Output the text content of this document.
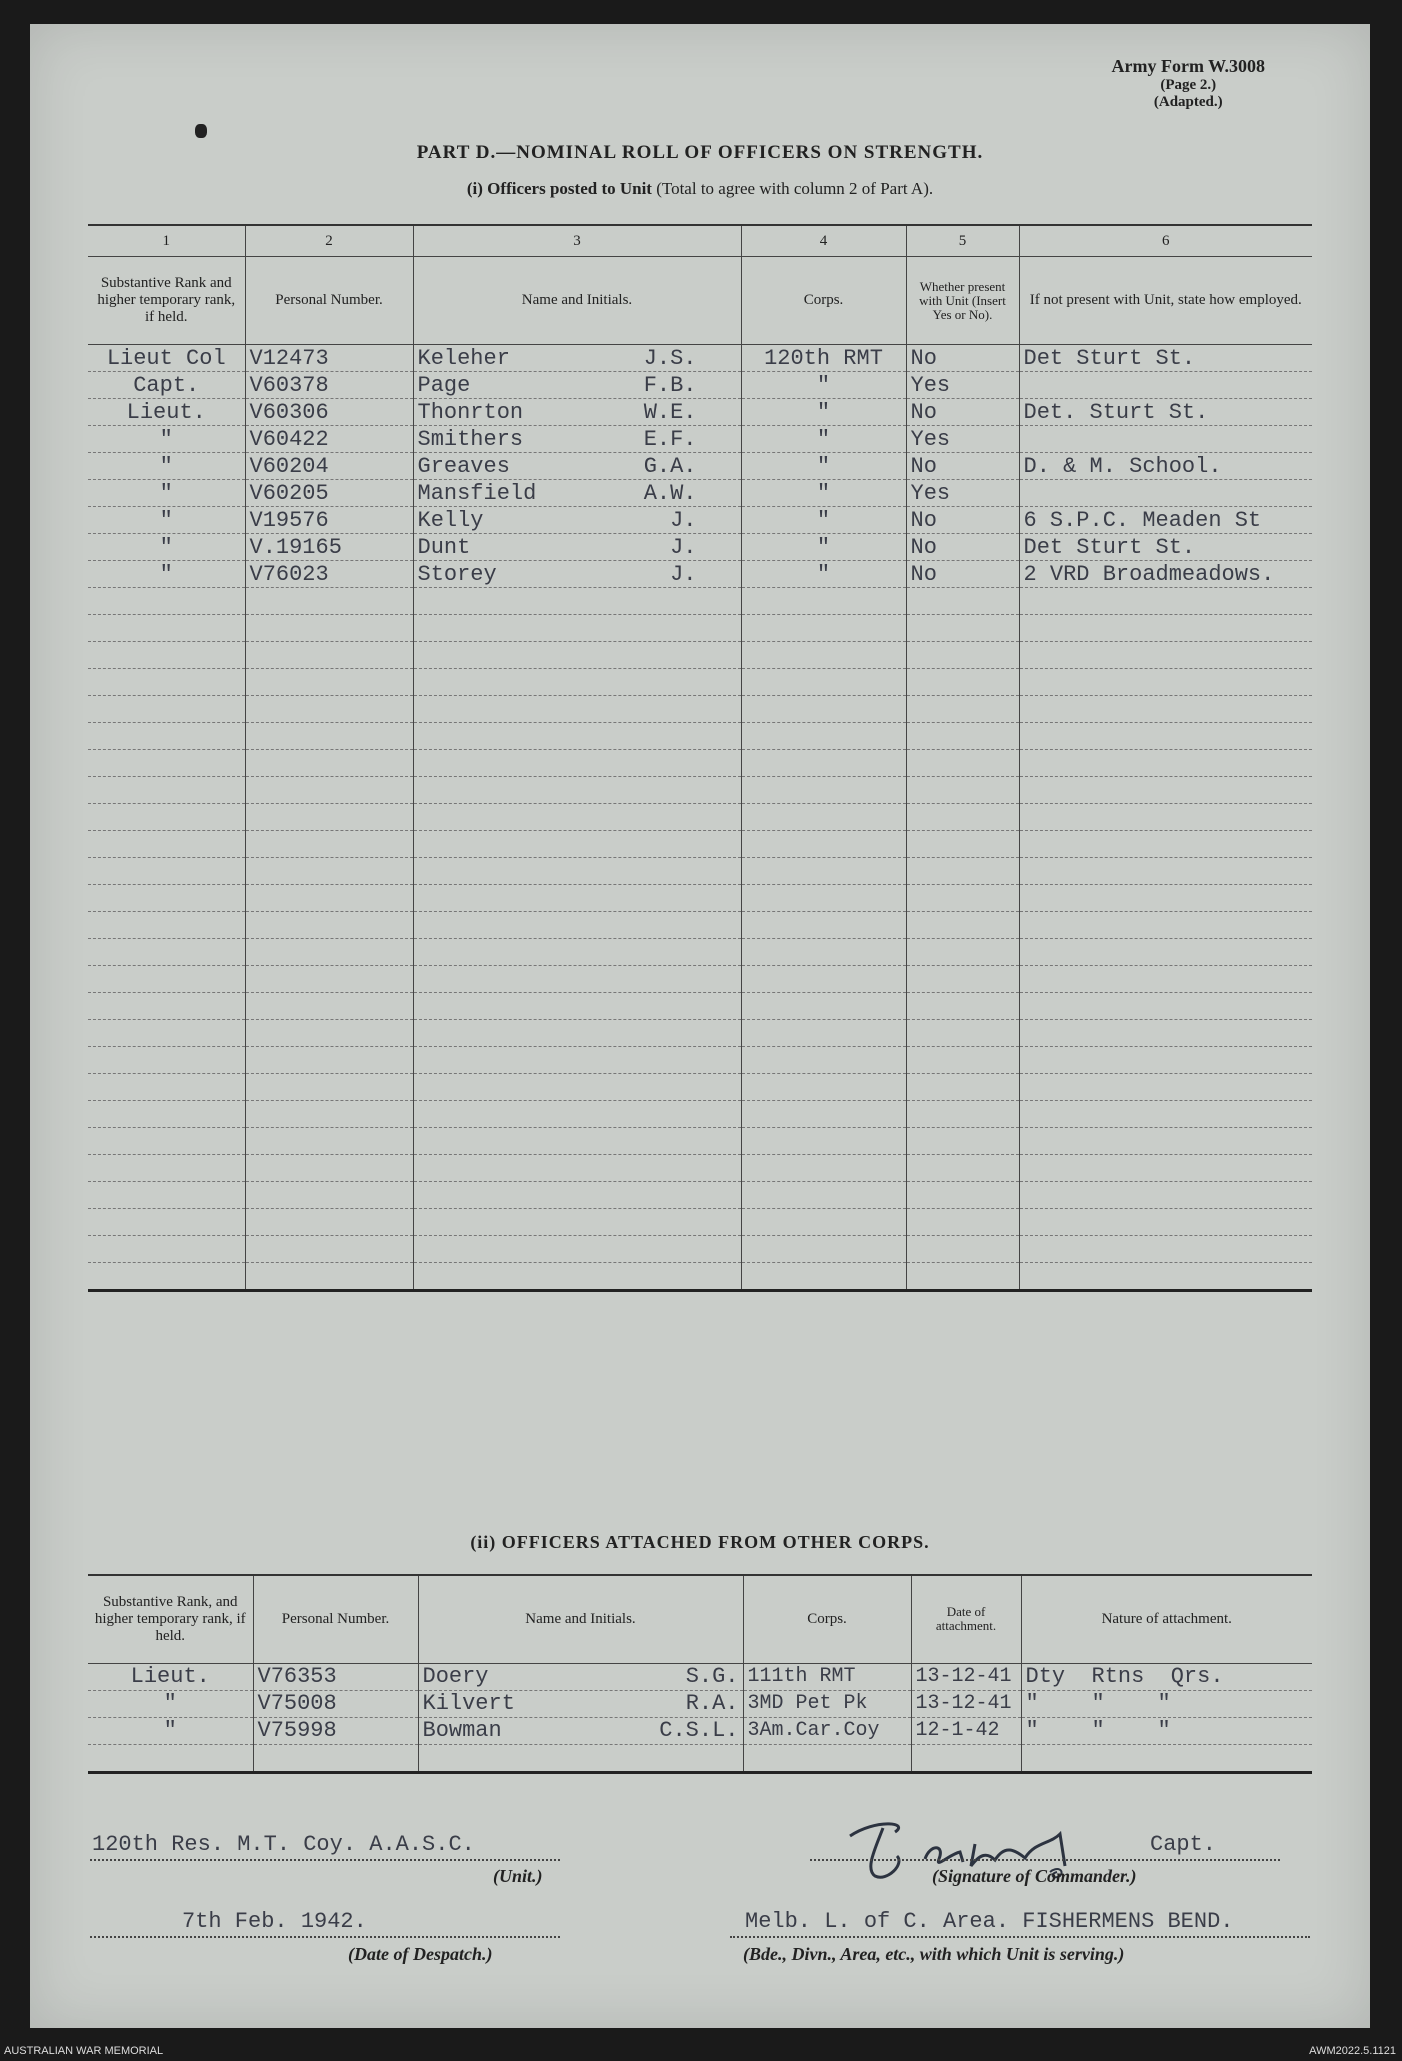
Army Form W.3008
(Page 2.)
(Adapted.)
PART D.—NOMINAL ROLL OF OFFICERS ON STRENGTH.
(i) Officers posted to Unit (Total to agree with column 2 of Part A).
1	2	3	4	5	6
Substantive Rank and higher temporary rank, if held.	Personal Number.	Name and Initials.	Corps.	Whether present with Unit (Insert Yes or No).	If not present with Unit, state how employed.
Lieut Col	V12473	Keleher J.S.	120th RMT	No	Det Sturt St.
Capt.	V60378	Page F.B.	"	Yes	
Lieut.	V60306	Thonrton W.E.	"	No	Det. Sturt St.
"	V60422	Smithers E.F.	"	Yes	
"	V60204	Greaves G.A.	"	No	D. & M. School.
"	V60205	Mansfield A.W.	"	Yes	
"	V19576	Kelly J.	"	No	6 S.P.C. Meaden St
"	V.19165	Dunt J.	"	No	Det Sturt St.
"	V76023	Storey J.	"	No	2 VRD Broadmeadows.

(ii) OFFICERS ATTACHED FROM OTHER CORPS.
Substantive Rank, and higher temporary rank, if held.	Personal Number.	Name and Initials.	Corps.	Date of attachment.	Nature of attachment.
Lieut.	V76353	Doery S.G.	111th RMT	13-12-41	Dty  Rtns  Qrs.
"	V75008	Kilvert R.A.	3MD Pet Pk	13-12-41	"    "    "
"	V75998	Bowman C.S.L.	3Am.Car.Coy	12-1-42	"    "    "

120th Res. M.T. Coy. A.A.S.C.
(Unit.)
Capt.
(Signature of Commander.)
7th Feb. 1942.
(Date of Despatch.)
Melb. L. of C. Area. FISHERMENS BEND.
(Bde., Divn., Area, etc., with which Unit is serving.)
AUSTRALIAN WAR MEMORIAL	AWM2022.5.1121
